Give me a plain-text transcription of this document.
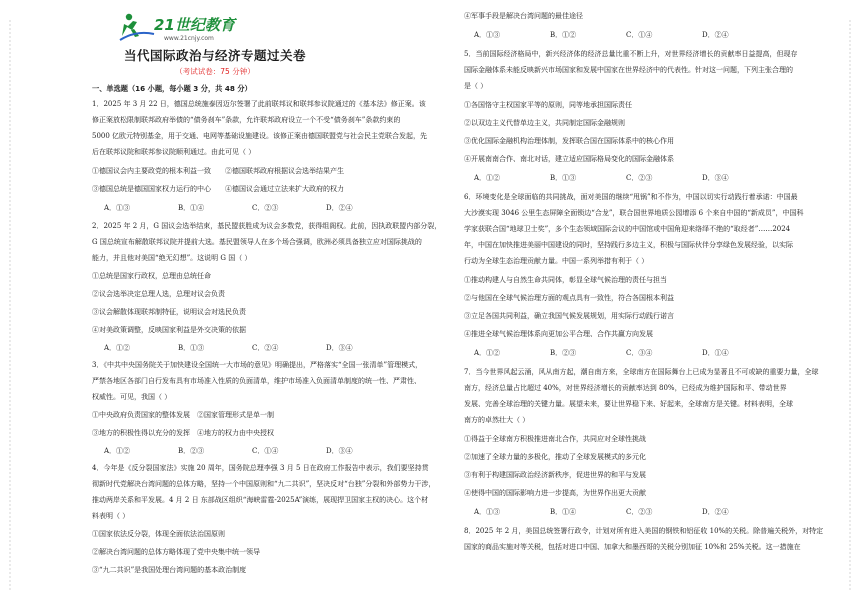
21世纪教育
www.21cnjy.com
当代国际政治与经济专题过关卷
（考试试卷：75 分钟）
一、单选题（16 小题，每小题 3 分，共 48 分）
1．2025 年 3 月 22 日，德国总统施泰因迈尔签署了此前联邦议和联邦参议院通过的《基本法》修正案。该
修正案放松限制联邦政府举债的“债务刹车”条款，允许联邦政府设立一个不受“债务刹车”条款约束的
5000 亿欧元特别基金，用于交通、电网等基础设施建设。该修正案由德国联盟党与社会民主党联合发起，先
后在联邦议院和联邦参议院顺利通过。由此可见（ ）
①德国议会内主要政党的根本利益一致　　②德国联邦政府根据议会选举结果产生
③德国总统是德国国家权力运行的中心　　④德国议会通过立法来扩大政府的权力
A．①③	B．①④	C．②③	D．②④
2．2025 年 2 月，G 国议会选举结束，基民盟获胜成为议会多数党，获得组阁权。此前，因执政联盟内部分裂，
G 国总统宣布解散联邦议院并提前大选。基民盟领导人在多个场合强调，欧洲必须具备独立应对国际挑战的
能力，并且他对美国“绝无幻想”。这说明 G 国（ ）
①总统是国家行政权，总理由总统任命
②议会选举决定总理人选，总理对议会负责
③议会解散体现联邦制特征，说明议会对选民负责
④对美政策调整，反映国家利益是外交决策的依据
A．①②	B．①③	C．②④	D．③④
3．《中共中央国务院关于加快建设全国统一大市场的意见》明确提出，严格落实“全国一张清单”管理模式，
严禁各地区各部门自行发布具有市场准入性质的负面清单，维护市场准入负面清单制度的统一性、严肃性、
权威性。可见，我国（ ）
①中央政府负责国家的整体发展　②国家管理形式是单一制
③地方的积极性得以充分的发挥　④地方的权力由中央授权
A．①②	B．②③	C．①④	D．③④
4．今年是《反分裂国家法》实施 20 周年，国务院总理李强 3 月 5 日在政府工作报告中表示，我们要坚持贯
彻新时代党解决台湾问题的总体方略，坚持一个中国原则和“九二共识”，坚决反对“台独”分裂和外部势力干涉，
推动两岸关系和平发展。4 月 2 日 东部战区组织“海峡雷霆-2025A”演练，展现捍卫国家主权的决心。这个材
料表明（ ）
①国家依法反分裂，体现全面依法治国原则
②解决台湾问题的总体方略体现了党中央集中统一领导
③“九二共识”是我国处理台湾问题的基本政治制度
④军事手段是解决台湾问题的最佳途径
A．①③	B．①②	C．①④	D．②④
5．当前国际经济格局中，新兴经济体的经济总量比重不断上升，对世界经济增长的贡献率日益提高，但现存
国际金融体系未能反映新兴市场国家和发展中国家在世界经济中的代表性。针对这一问题，下列主张合理的
是（ ）
①各国恪守主权国家平等的原则，同等地承担国际责任
②以双边主义代替单边主义，共同制定国际金融规则
③优化国际金融机构治理体制，发挥联合国在国际体系中的核心作用
④开展南南合作、南北对话，建立适应国际格局变化的国际金融体系
A．①②	B．①③	C．②③	D．③④
6．环境变化是全球面临的共同挑战，面对美国的继续“甩锅”和不作为，中国以切实行动践行着承诺：中国最
大沙漠实现 3046 公里生态屏障全面锁边“合龙”，联合国世界地质公园增添 6 个来自中国的“新成员”，中国科
学家获联合国“地球卫士奖”，多个生态领域国际会议的中国馆或中国角迎来络绎不绝的“取经者”……2024
年，中国在加快推进美丽中国建设的同时，坚持践行多边主义，积极与国际伙伴分享绿色发展经验，以实际
行动为全球生态治理贡献力量。中国一系列举措有利于（ ）
①推动构建人与自然生命共同体，彰显全球气候治理的责任与担当
②与他国在全球气候治理方面的观点具有一致性，符合各国根本利益
③立足各国共同利益，确立我国气候发展规划，用实际行动践行诺言
④推进全球气候治理体系向更加公平合理、合作共赢方向发展
A．①②	B．②③	C．③④	D．①④
7．当今世界风起云涌，风从南方起，潮自南方来，全球南方在国际舞台上已成为显著且不可或缺的重要力量，全球
南方，经济总量占比超过 40%，对世界经济增长的贡献率达到 80%，已经成为维护国际和平、带动世界
发展、完善全球治理的关键力量。展望未来，要让世界稳下来、好起来，全球南方是关键。材料表明，全球
南方的卓然壮大（ ）
①得益于全球南方积极推进南北合作，共同应对全球性挑战
②加速了全球力量的多极化，推动了全球发展模式的多元化
③有利于构建国际政治经济新秩序，促进世界的和平与发展
④使得中国的国际影响力进一步提高，为世界作出更大贡献
A．①③	B．①④	C．②③	D．②④
8．2025 年 2 月，美国总统签署行政令，计划对所有进入美国的钢铁和铝征收 10%的关税。除普遍关税外，对特定
国家的商品实施对等关税，包括对进口中国、加拿大和墨西哥的关税分别加征 10%和 25%关税。这一措施在
